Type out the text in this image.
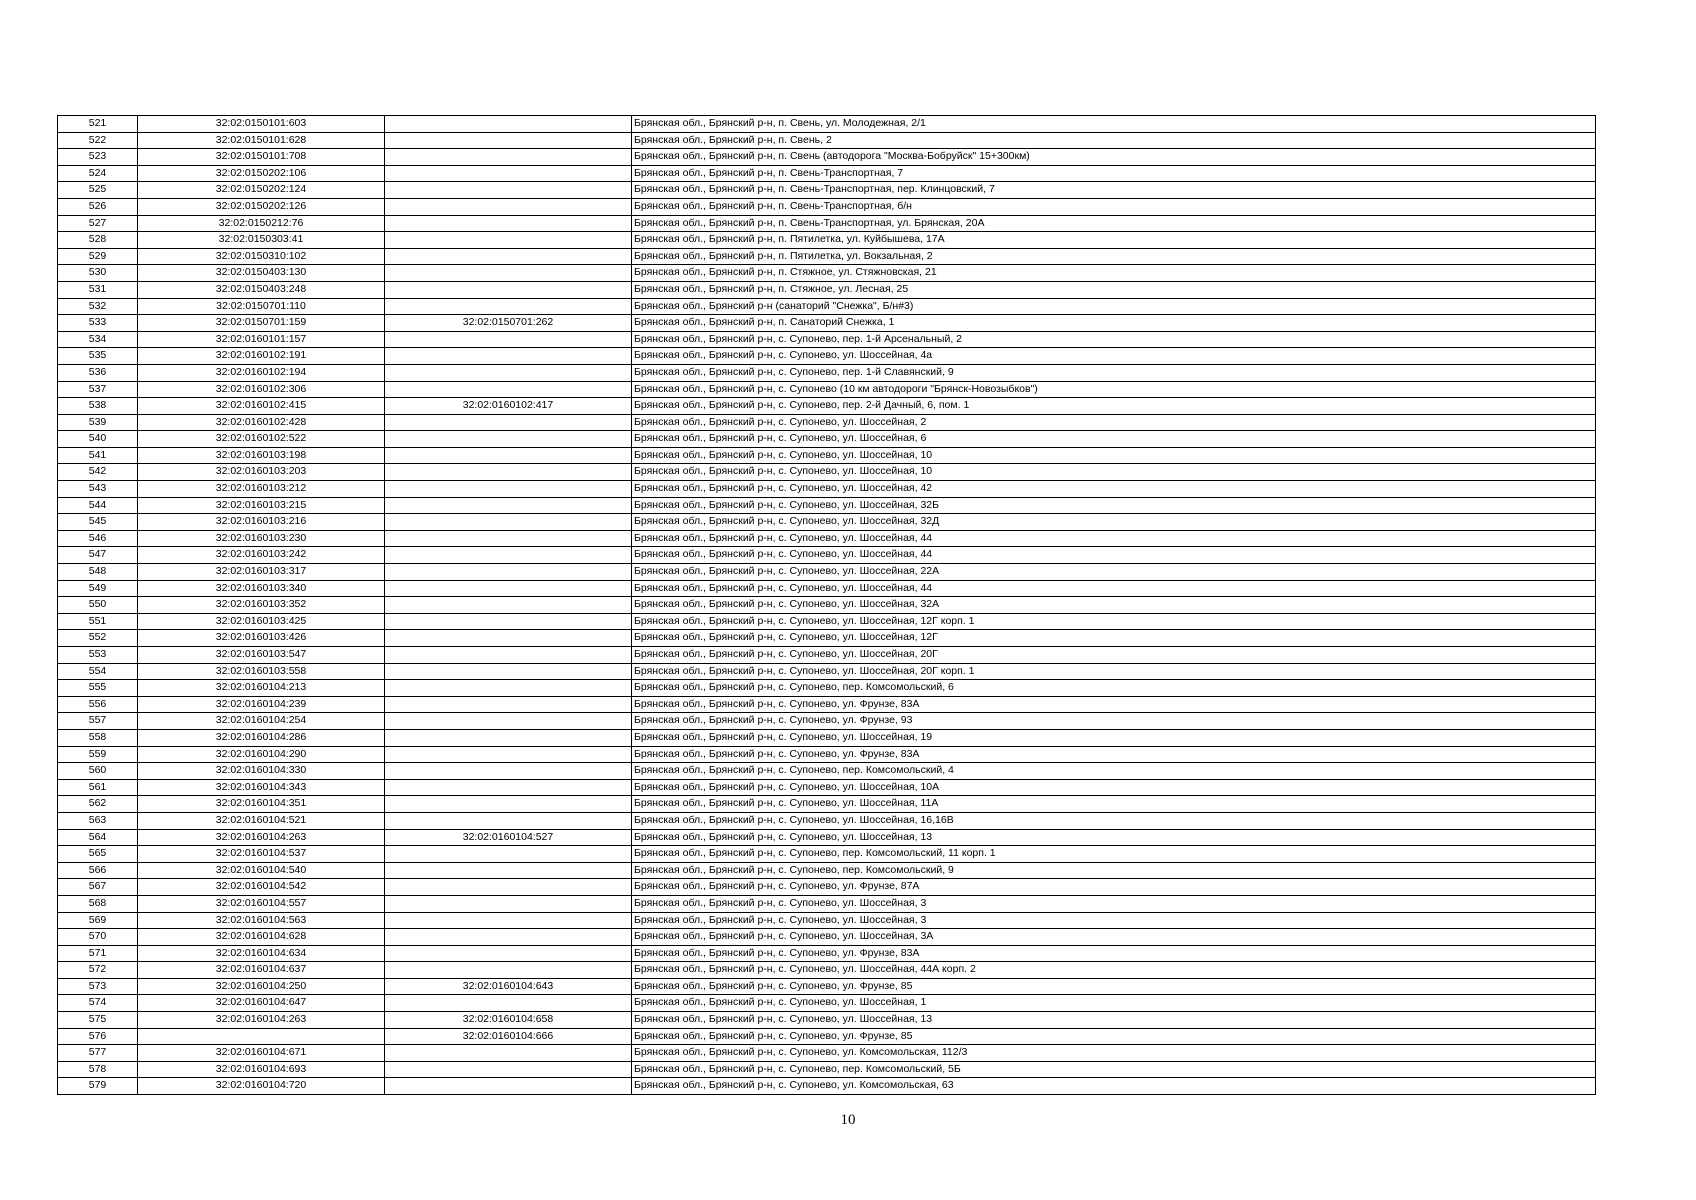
521	32:02:0150101:603		Брянская обл., Брянский р-н, п. Свень, ул. Молодежная, 2/1
522	32:02:0150101:628		Брянская обл., Брянский р-н, п. Свень, 2
523	32:02:0150101:708		Брянская обл., Брянский р-н, п. Свень (автодорога "Москва-Бобруйск" 15+300км)
524	32:02:0150202:106		Брянская обл., Брянский р-н, п. Свень-Транспортная, 7
525	32:02:0150202:124		Брянская обл., Брянский р-н, п. Свень-Транспортная, пер. Клинцовский, 7
526	32:02:0150202:126		Брянская обл., Брянский р-н, п. Свень-Транспортная, б/н
527	32:02:0150212:76		Брянская обл., Брянский р-н, п. Свень-Транспортная, ул. Брянская, 20А
528	32:02:0150303:41		Брянская обл., Брянский р-н, п. Пятилетка, ул. Куйбышева, 17А
529	32:02:0150310:102		Брянская обл., Брянский р-н, п. Пятилетка, ул. Вокзальная, 2
530	32:02:0150403:130		Брянская обл., Брянский р-н, п. Стяжное, ул. Стяжновская, 21
531	32:02:0150403:248		Брянская обл., Брянский р-н, п. Стяжное, ул. Лесная, 25
532	32:02:0150701:110		Брянская обл., Брянский р-н (санаторий "Снежка", Б/н#3)
533	32:02:0150701:159	32:02:0150701:262	Брянская обл., Брянский р-н, п. Санаторий Снежка, 1
534	32:02:0160101:157		Брянская обл., Брянский р-н, с. Супонево, пер. 1-й Арсенальный, 2
535	32:02:0160102:191		Брянская обл., Брянский р-н, с. Супонево, ул. Шоссейная, 4а
536	32:02:0160102:194		Брянская обл., Брянский р-н, с. Супонево, пер. 1-й Славянский, 9
537	32:02:0160102:306		Брянская обл., Брянский р-н, с. Супонево (10 км автодороги "Брянск-Новозыбков")
538	32:02:0160102:415	32:02:0160102:417	Брянская обл., Брянский р-н, с. Супонево, пер. 2-й Дачный, 6, пом. 1
539	32:02:0160102:428		Брянская обл., Брянский р-н, с. Супонево, ул. Шоссейная, 2
540	32:02:0160102:522		Брянская обл., Брянский р-н, с. Супонево, ул. Шоссейная, 6
541	32:02:0160103:198		Брянская обл., Брянский р-н, с. Супонево, ул. Шоссейная, 10
542	32:02:0160103:203		Брянская обл., Брянский р-н, с. Супонево, ул. Шоссейная, 10
543	32:02:0160103:212		Брянская обл., Брянский р-н, с. Супонево, ул. Шоссейная, 42
544	32:02:0160103:215		Брянская обл., Брянский р-н, с. Супонево, ул. Шоссейная, 32Б
545	32:02:0160103:216		Брянская обл., Брянский р-н, с. Супонево, ул. Шоссейная, 32Д
546	32:02:0160103:230		Брянская обл., Брянский р-н, с. Супонево, ул. Шоссейная, 44
547	32:02:0160103:242		Брянская обл., Брянский р-н, с. Супонево, ул. Шоссейная, 44
548	32:02:0160103:317		Брянская обл., Брянский р-н, с. Супонево, ул. Шоссейная, 22А
549	32:02:0160103:340		Брянская обл., Брянский р-н, с. Супонево, ул. Шоссейная, 44
550	32:02:0160103:352		Брянская обл., Брянский р-н, с. Супонево, ул. Шоссейная, 32А
551	32:02:0160103:425		Брянская обл., Брянский р-н, с. Супонево, ул. Шоссейная, 12Г корп. 1
552	32:02:0160103:426		Брянская обл., Брянский р-н, с. Супонево, ул. Шоссейная, 12Г
553	32:02:0160103:547		Брянская обл., Брянский р-н, с. Супонево, ул. Шоссейная, 20Г
554	32:02:0160103:558		Брянская обл., Брянский р-н, с. Супонево, ул. Шоссейная, 20Г корп. 1
555	32:02:0160104:213		Брянская обл., Брянский р-н, с. Супонево, пер. Комсомольский, 6
556	32:02:0160104:239		Брянская обл., Брянский р-н, с. Супонево, ул. Фрунзе, 83А
557	32:02:0160104:254		Брянская обл., Брянский р-н, с. Супонево, ул. Фрунзе, 93
558	32:02:0160104:286		Брянская обл., Брянский р-н, с. Супонево, ул. Шоссейная, 19
559	32:02:0160104:290		Брянская обл., Брянский р-н, с. Супонево, ул. Фрунзе, 83А
560	32:02:0160104:330		Брянская обл., Брянский р-н, с. Супонево, пер. Комсомольский, 4
561	32:02:0160104:343		Брянская обл., Брянский р-н, с. Супонево, ул. Шоссейная, 10А
562	32:02:0160104:351		Брянская обл., Брянский р-н, с. Супонево, ул. Шоссейная, 11А
563	32:02:0160104:521		Брянская обл., Брянский р-н, с. Супонево, ул. Шоссейная, 16,16В
564	32:02:0160104:263	32:02:0160104:527	Брянская обл., Брянский р-н, с. Супонево, ул. Шоссейная, 13
565	32:02:0160104:537		Брянская обл., Брянский р-н, с. Супонево, пер. Комсомольский, 11 корп. 1
566	32:02:0160104:540		Брянская обл., Брянский р-н, с. Супонево, пер. Комсомольский, 9
567	32:02:0160104:542		Брянская обл., Брянский р-н, с. Супонево, ул. Фрунзе, 87А
568	32:02:0160104:557		Брянская обл., Брянский р-н, с. Супонево, ул. Шоссейная, 3
569	32:02:0160104:563		Брянская обл., Брянский р-н, с. Супонево, ул. Шоссейная, 3
570	32:02:0160104:628		Брянская обл., Брянский р-н, с. Супонево, ул. Шоссейная, 3А
571	32:02:0160104:634		Брянская обл., Брянский р-н, с. Супонево, ул. Фрунзе, 83А
572	32:02:0160104:637		Брянская обл., Брянский р-н, с. Супонево, ул. Шоссейная, 44А корп. 2
573	32:02:0160104:250	32:02:0160104:643	Брянская обл., Брянский р-н, с. Супонево, ул. Фрунзе, 85
574	32:02:0160104:647		Брянская обл., Брянский р-н, с. Супонево, ул. Шоссейная, 1
575	32:02:0160104:263	32:02:0160104:658	Брянская обл., Брянский р-н, с. Супонево, ул. Шоссейная, 13
576		32:02:0160104:666	Брянская обл., Брянский р-н, с. Супонево, ул. Фрунзе, 85
577	32:02:0160104:671		Брянская обл., Брянский р-н, с. Супонево, ул. Комсомольская, 112/3
578	32:02:0160104:693		Брянская обл., Брянский р-н, с. Супонево, пер. Комсомольский, 5Б
579	32:02:0160104:720		Брянская обл., Брянский р-н, с. Супонево, ул. Комсомольская, 63
10
